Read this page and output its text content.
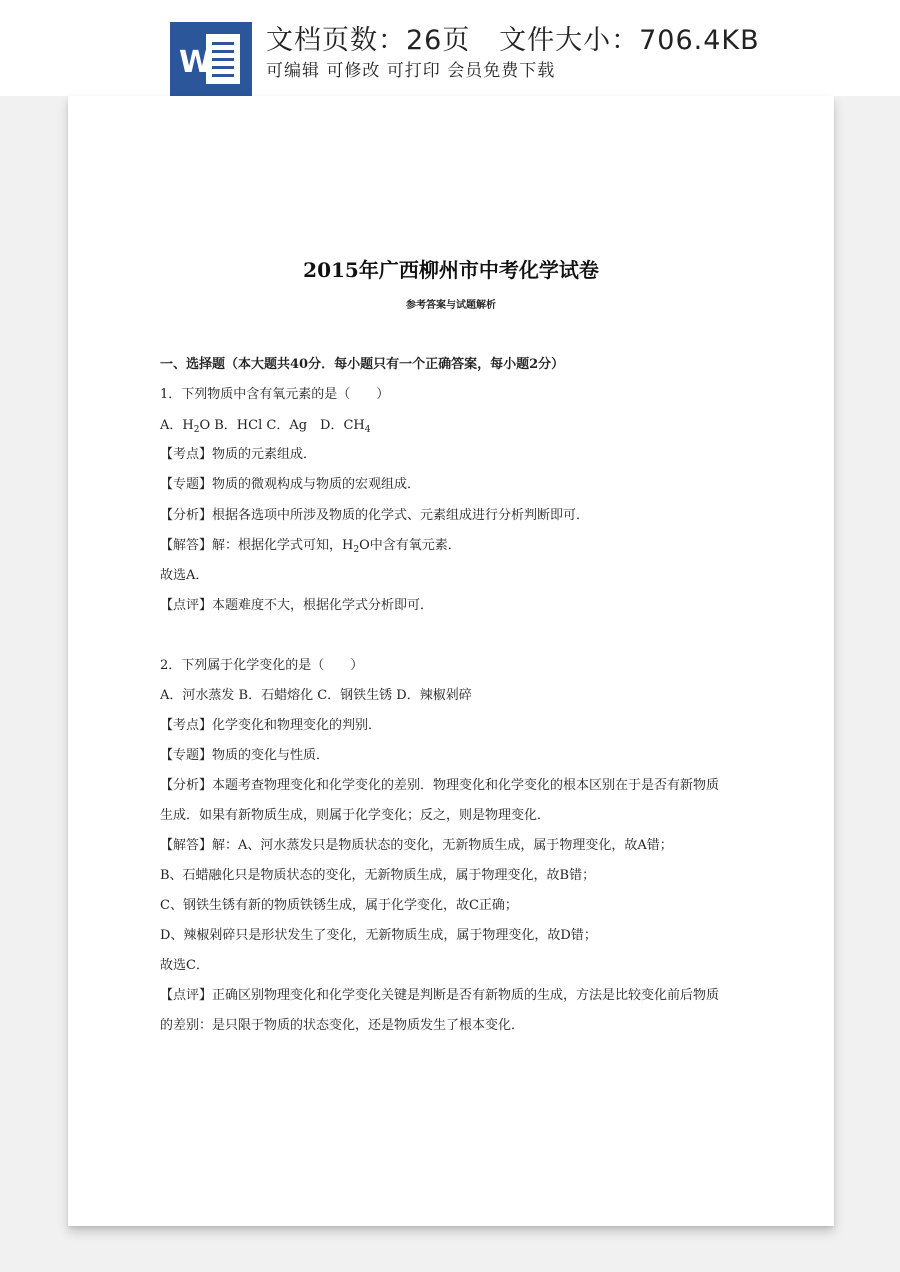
W
文档页数：26页   文件大小：706.4KB
可编辑 可修改 可打印 会员免费下载
2015年广西柳州市中考化学试卷
参考答案与试题解析
一、选择题（本大题共40分．每小题只有一个正确答案，每小题2分）
1．下列物质中含有氧元素的是（　　）
A．$H_2O$ B．HCl C．Ag　D．$CH_4$
【考点】物质的元素组成．
【专题】物质的微观构成与物质的宏观组成．
【分析】根据各选项中所涉及物质的化学式、元素组成进行分析判断即可．
【解答】解：根据化学式可知，$H_2O$中含有氧元素．
故选A．
【点评】本题难度不大，根据化学式分析即可．
2．下列属于化学变化的是（　　）
A．河水蒸发 B．石蜡熔化 C．钢铁生锈 D．辣椒剁碎
【考点】化学变化和物理变化的判别．
【专题】物质的变化与性质．
【分析】本题考查物理变化和化学变化的差别．物理变化和化学变化的根本区别在于是否有新物质
生成．如果有新物质生成，则属于化学变化；反之，则是物理变化．
【解答】解：A、河水蒸发只是物质状态的变化，无新物质生成，属于物理变化，故A错；
B、石蜡融化只是物质状态的变化，无新物质生成，属于物理变化，故B错；
C、钢铁生锈有新的物质铁锈生成，属于化学变化，故C正确；
D、辣椒剁碎只是形状发生了变化，无新物质生成，属于物理变化，故D错；
故选C．
【点评】正确区别物理变化和化学变化关键是判断是否有新物质的生成，方法是比较变化前后物质
的差别：是只限于物质的状态变化，还是物质发生了根本变化．
